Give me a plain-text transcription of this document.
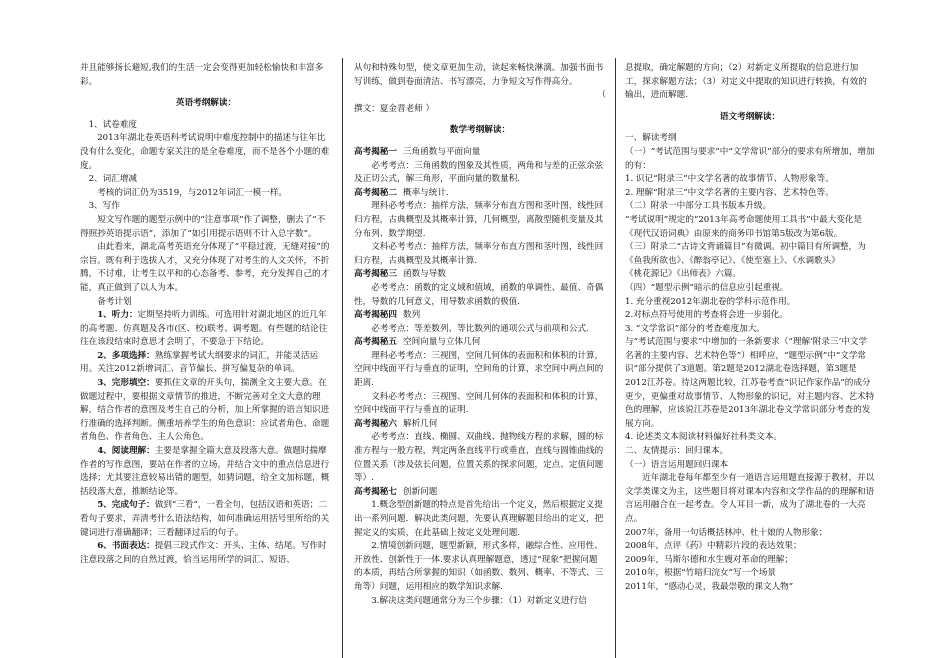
并且能够扬长避短,我们的生活一定会变得更加轻松愉快和丰富多彩。

英语考纲解读：

1、试卷难度

2013年湖北卷英语科考试说明中难度控制中的描述与往年比没有什么变化，命题专家关注的是全卷难度，而不是各个小题的难度。

2、词汇增减

考核的词汇仍为3519，与2012年词汇一模一样。

3、写作

短文写作题的题型示例中的“注意事项”作了调整，删去了“不得照抄英语提示语”，添加了“如引用提示语则不计入总字数”。

由此看来，湖北高考英语充分体现了“平稳过渡，无缝对接”的宗旨。既有利于选拔人才，又充分体现了对考生的人文关怀，不折腾，不讨难，让考生以平和的心态备考、参考，充分发挥自己的才能，真正做到了以人为本。

备考计划

1、听力：定期坚持听力训练。可选用针对湖北地区的近几年的高考题、仿真题及各市(区、校)联考、调考题。有些题的结论往往在该段结束时意思才会明了，不要急于下结论。

2、多项选择：熟练掌握考试大纲要求的词汇，并能灵活运用。关注2012新增词汇、音节偏长、拼写偏复杂的单词。

3、完形填空：要抓住文章的开头句，揣测全文主要大意。在做题过程中，要根据文章情节的推进，不断完善对全文大意的理解，结合作者的意图及考生自己的分析，加上所掌握的语言知识进行准确的选择判断。侧重培养学生的角色意识：应试者角色、命题者角色、作者角色、主人公角色。

4、阅读理解：主要是掌握全篇大意及段落大意。做题时揣摩作者的写作意图，要站在作者的立场，并结合文中的重点信息进行选择；尤其要注意较易出错的题型，如猜词题，给全文加标题，概括段落大意，推断结论等。

5、完成句子：做到“三看”，一看全句，包括汉语和英语；二看句子要求，弄清考什么语法结构，如何准确运用括号里所给的关键词进行准确翻译；三看翻译过后的句子。

6、书面表达：提倡三段式作文：开头、主体、结尾。写作时注意段落之间的自然过渡，恰当运用所学的词汇、短语、

从句和特殊句型，使文章更加生动，读起来畅快淋漓。加强书面书写训练，做到卷面清洁、书写漂亮，力争短文写作得高分。

（

撰文：夏金晋老师 ）

数学考纲解读：

高考揭秘一 三角函数与平面向量

必考考点：三角函数的图象及其性质，两角和与差的正弦余弦及正切公式，解三角形，平面向量的数量积.

高考揭秘二 概率与统计.

理科必考考点：抽样方法，频率分布直方图和茎叶图，线性回归方程，古典概型及其概率计算，几何概型，离散型随机变量及其分布列、数学期望.

文科必考考点：抽样方法，频率分布直方图和茎叶图，线性回归方程，古典概型及其概率计算.

高考揭秘三 函数与导数

必考考点：函数的定义域和值域，函数的单调性、最值、奇偶性，导数的几何意义，用导数求函数的极值.

高考揭秘四 数列

必考考点：等差数列、等比数列的通项公式与前项和公式.

高考揭秘五 空间向量与立体几何

理科必考考点：三视图，空间几何体的表面积和体积的计算，空间中线面平行与垂直的证明，空间角的计算，求空间中两点间的距离.

文科必考考点：三视图、空间几何体的表面积和体积的计算，空间中线面平行与垂直的证明.

高考揭秘六 解析几何

必考考点：直线、椭圆、双曲线、抛物线方程的求解，圆的标准方程与一般方程，判定两条直线平行或垂直，直线与圆锥曲线的位置关系（涉及弦长问题，位置关系的探求问题，定点、定值问题等）.

高考揭秘七 创新问题

1.概念型创新题的特点是首先给出一个定义，然后根据定义提出一系列问题．解决此类问题，先要认真理解题目给出的定义，把握定义的实质，在此基础上按定义处理问题.

2.情境创新问题，题型新颖，形式多样，融综合性、应用性、开放性、创新性于一体.要求认真理解题意，透过“现象”把握问题的本质，再结合所掌握的知识（如函数、数列、概率、不等式、三角等）问题，运用相应的数学知识求解.

3.解决这类问题通常分为三个步骤：（1）对新定义进行信

息提取，确定解题的方向；（2）对新定义所提取的信息进行加工，探求解题方法；（3）对定义中提取的知识进行转换，有效的输出，进而解题.

语文考纲解读：

一、解读考纲

（一）“考试范围与要求”中“文学常识”部分的要求有所增加，增加的有：

1. 识记“附录三”中文学名著的故事情节、人物形象等。

2. 理解“附录三”中文学名著的主要内容、艺术特色等。

（二）附录一中部分工具书版本升级。

“考试说明”规定的“2013年高考命题使用工具书”中最大变化是《现代汉语词典》由原来的商务印书馆第5版改为第6版。

（三）附录二“古诗文背诵篇目”有微调。初中篇目有所调整，为《鱼我所欲也》、《醉翁亭记》、《使至塞上》、《水调歌头》

《桃花源记》《出师表》六篇。

（四）“题型示例”暗示的信息应引起重视。

1. 充分重视2012年湖北卷的学科示范作用。

2.对标点符号使用的考查将会进一步弱化。

3. “文学常识”部分的考查难度加大。

与“考试范围与要求”中增加的一条新要求（“理解‘附录三’中文学名著的主要内容、艺术特色等”）相呼应，“题型示例”中“文学常识”部分提供了3道题。第2题是2012湖北卷选择题，第3题是2012江苏卷。待这两题比较，江苏卷考查“识记作家作品”的成分更少，更偏重对故事情节、人物形象的识记，对主题内容、艺术特色的理解，应该说江苏卷是2013年湖北卷文学常识部分考查的发展方向。

4. 论述类文本阅读材料偏好社科类文本。

二、友情提示：回归课本。

（一）语言运用题回归课本

近年湖北卷每年都至少有一道语言运用题直接源于教材，并以文学类课文为主，这些题目将对课本内容和文学作品的的理解和语言运用融合在一起考查。令人耳目一新，成为了湖北卷的一大亮点。

2007年，备用一句话概括林冲、杜十娘的人物形象；

2008年，点评《药》中精彩片段的表达效果；

2009年，马斯尔德和水生嫂对革命的理解；

2010年，根据“竹暗归浣女”写一个场景

2011年，“感动心灵，我最崇敬的课文人物”
